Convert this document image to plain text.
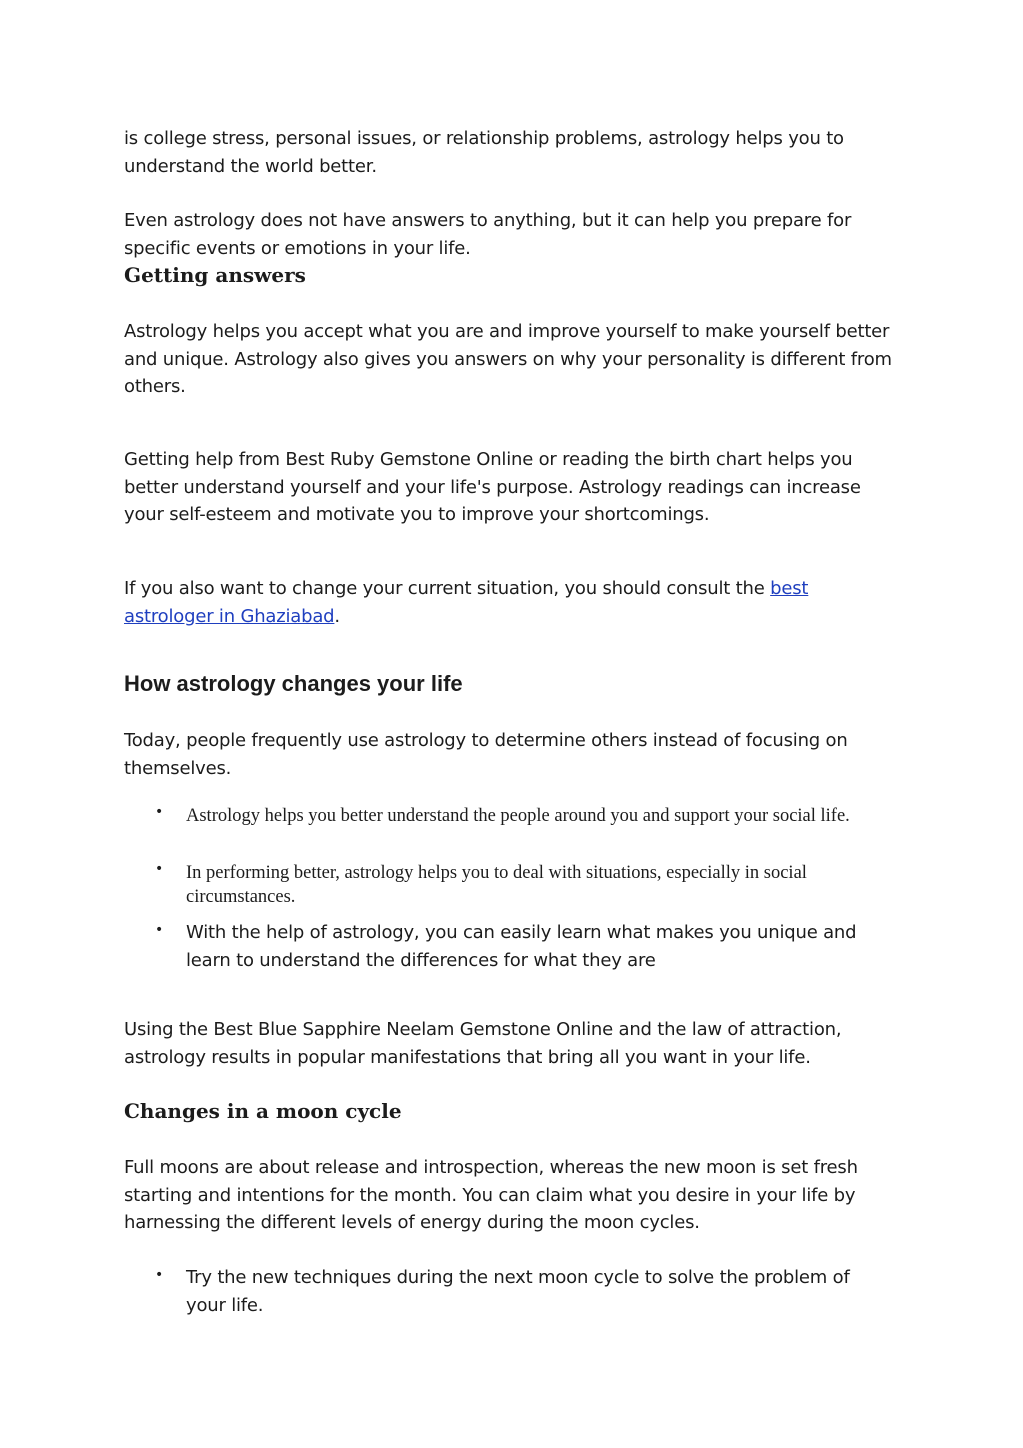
is college stress, personal issues, or relationship problems, astrology helps you to understand the world better.

Even astrology does not have answers to anything, but it can help you prepare for specific events or emotions in your life.

Getting answers

Astrology helps you accept what you are and improve yourself to make yourself better and unique. Astrology also gives you answers on why your personality is different from others.

Getting help from Best Ruby Gemstone Online or reading the birth chart helps you better understand yourself and your life's purpose. Astrology readings can increase your self-esteem and motivate you to improve your shortcomings.

If you also want to change your current situation, you should consult the best astrologer in Ghaziabad.

How astrology changes your life

Today, people frequently use astrology to determine others instead of focusing on themselves.

• Astrology helps you better understand the people around you and support your social life.

• In performing better, astrology helps you to deal with situations, especially in social circumstances.

• With the help of astrology, you can easily learn what makes you unique and learn to understand the differences for what they are

Using the Best Blue Sapphire Neelam Gemstone Online and the law of attraction, astrology results in popular manifestations that bring all you want in your life.

Changes in a moon cycle

Full moons are about release and introspection, whereas the new moon is set fresh starting and intentions for the month. You can claim what you desire in your life by harnessing the different levels of energy during the moon cycles.

• Try the new techniques during the next moon cycle to solve the problem of your life.
